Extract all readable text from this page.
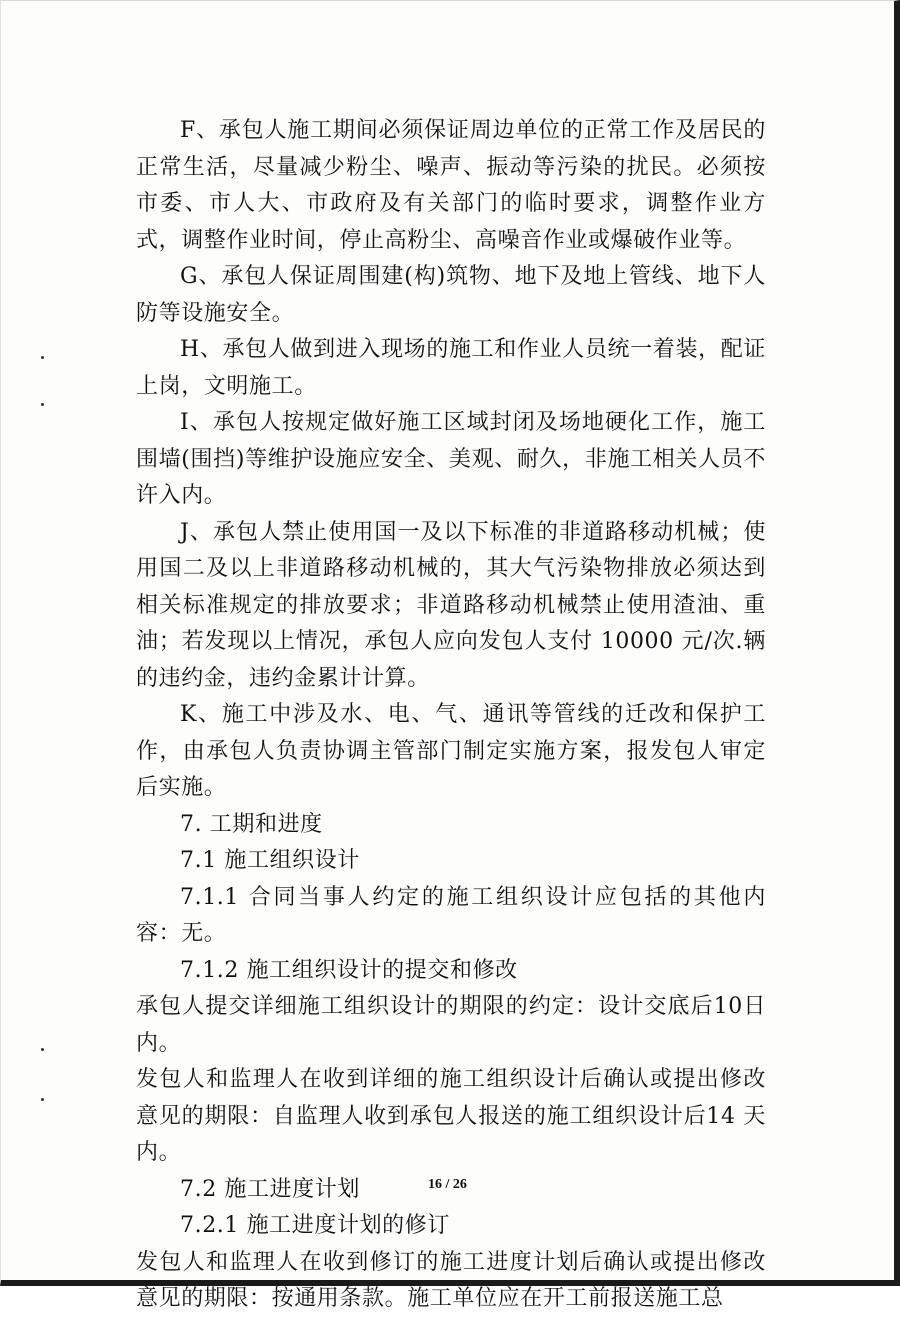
F、承包人施工期间必须保证周边单位的正常工作及居民的正常生活，尽量减少粉尘、噪声、振动等污染的扰民。必须按市委、市人大、市政府及有关部门的临时要求，调整作业方式，调整作业时间，停止高粉尘、高噪音作业或爆破作业等。

G、承包人保证周围建(构)筑物、地下及地上管线、地下人防等设施安全。

H、承包人做到进入现场的施工和作业人员统一着装，配证上岗，文明施工。

I、承包人按规定做好施工区域封闭及场地硬化工作，施工围墙(围挡)等维护设施应安全、美观、耐久，非施工相关人员不许入内。

J、承包人禁止使用国一及以下标准的非道路移动机械；使用国二及以上非道路移动机械的，其大气污染物排放必须达到相关标准规定的排放要求；非道路移动机械禁止使用渣油、重油；若发现以上情况，承包人应向发包人支付 10000 元/次.辆的违约金，违约金累计计算。

K、施工中涉及水、电、气、通讯等管线的迁改和保护工作，由承包人负责协调主管部门制定实施方案，报发包人审定后实施。

7. 工期和进度

7.1 施工组织设计

7.1.1 合同当事人约定的施工组织设计应包括的其他内容：无。

7.1.2 施工组织设计的提交和修改

承包人提交详细施工组织设计的期限的约定：设计交底后10日内。

发包人和监理人在收到详细的施工组织设计后确认或提出修改意见的期限：自监理人收到承包人报送的施工组织设计后14 天内。

7.2 施工进度计划

7.2.1 施工进度计划的修订

发包人和监理人在收到修订的施工进度计划后确认或提出修改意见的期限：按通用条款。施工单位应在开工前报送施工总

16 / 26
